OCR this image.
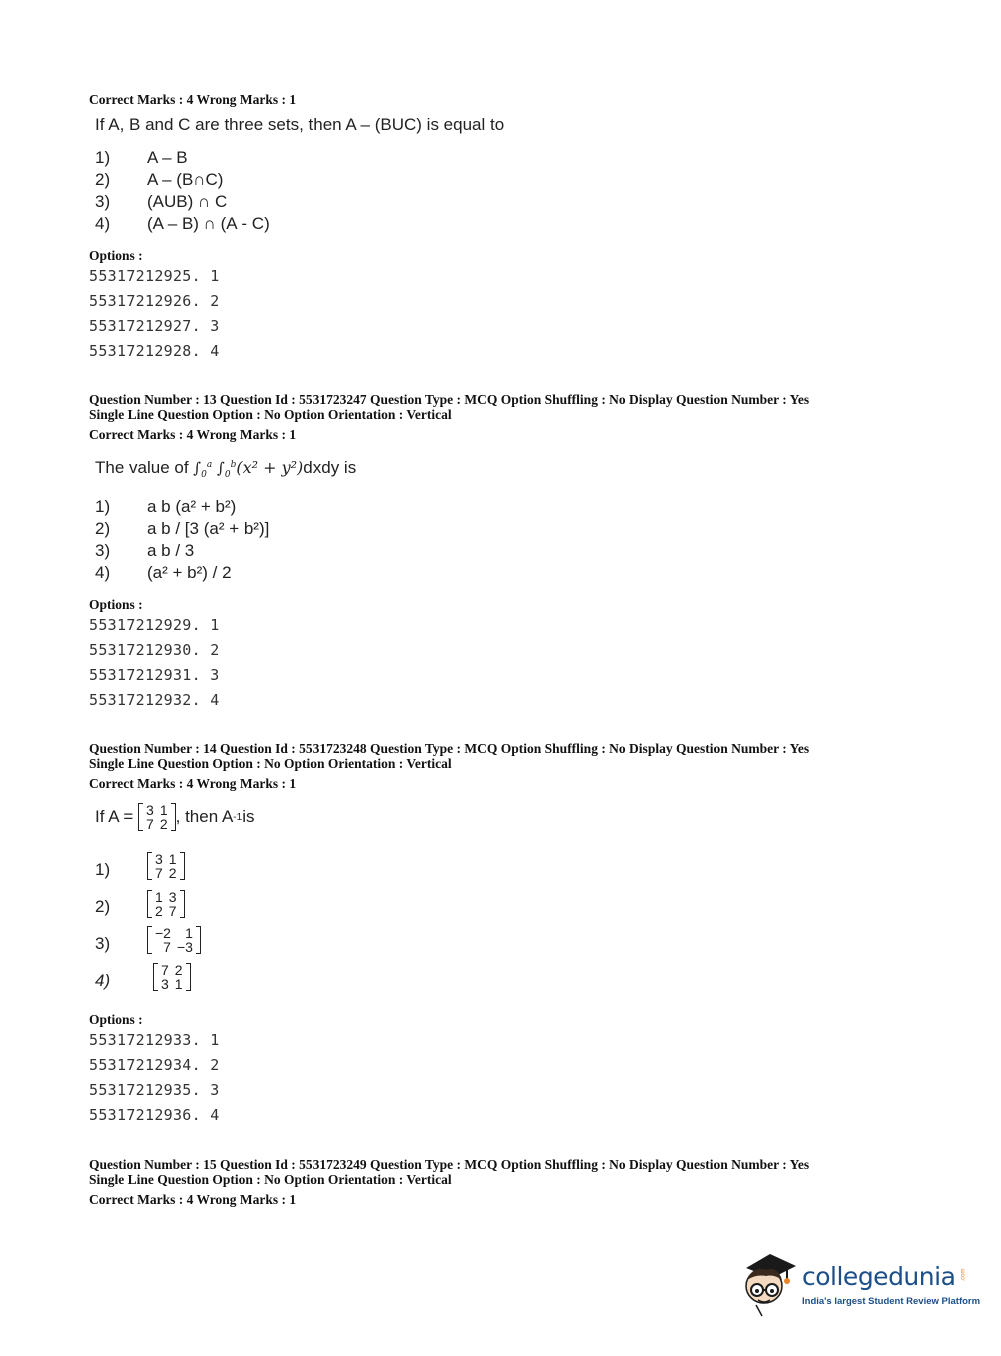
Correct Marks : 4 Wrong Marks : 1
If A, B and C are three sets, then A – (BUC) is equal to
1) A – B
2) A – (B∩C)
3) (AUB) ∩ C
4) (A – B) ∩ (A - C)
Options :
55317212925. 1
55317212926. 2
55317212927. 3
55317212928. 4
Question Number : 13 Question Id : 5531723247 Question Type : MCQ Option Shuffling : No Display Question Number : Yes
Single Line Question Option : No Option Orientation : Vertical
Correct Marks : 4 Wrong Marks : 1
The value of $\int_0^a$ $\int_0^b(x^2$ + y²)dxdy is
1) a b (a² + b²)
2) a b / [3 (a² + b²)]
3) a b / 3
4) (a² + b²) / 2
Options :
55317212929. 1
55317212930. 2
55317212931. 3
55317212932. 4
Question Number : 14 Question Id : 5531723248 Question Type : MCQ Option Shuffling : No Display Question Number : Yes
Single Line Question Option : No Option Orientation : Vertical
Correct Marks : 4 Wrong Marks : 1
If A =
3	1
7	2 , then A -1 is
1)
3	1
7	2
2)	1	3
2	7
3)
−2	1
7	−3
4)
7	2
3	1
Options :
55317212933. 1
55317212934. 2
55317212935. 3
55317212936. 4
Question Number : 15 Question Id : 5531723249 Question Type : MCQ Option Shuffling : No Display Question Number : Yes
Single Line Question Option : No Option Orientation : Vertical
Correct Marks : 4 Wrong Marks : 1
collegedunia .com
India's largest Student Review Platform
